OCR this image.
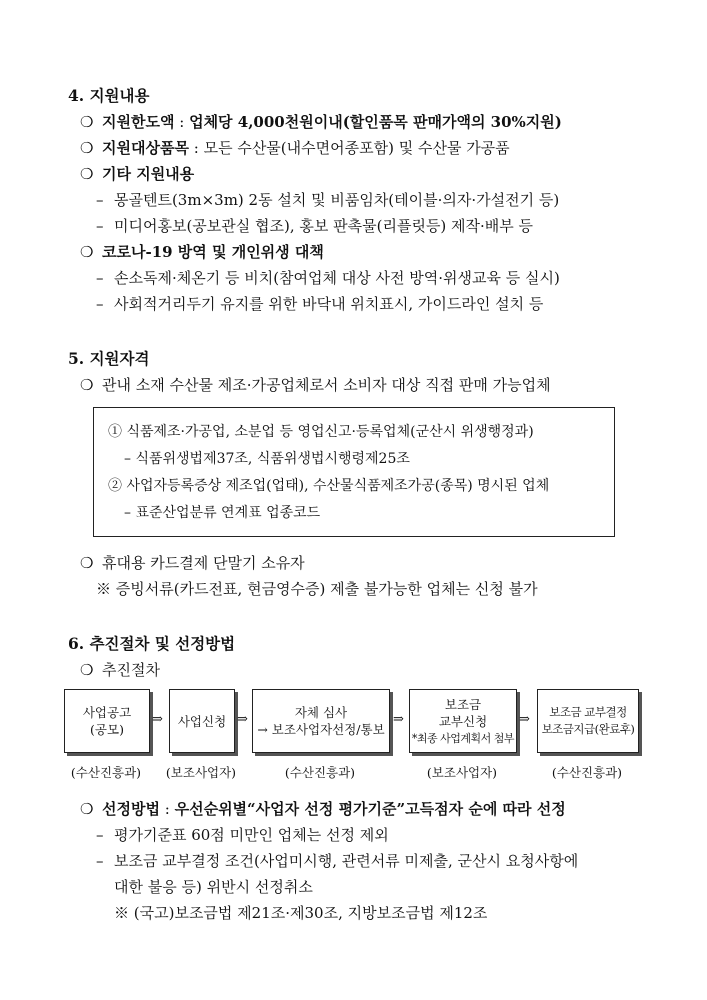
4. 지원내용
❍ 지원한도액 : 업체당 4,000천원이내(할인품목 판매가액의 30%지원)
❍ 지원대상품목 : 모든 수산물(내수면어종포함) 및 수산물 가공품
❍ 기타 지원내용
– 몽골텐트(3m×3m) 2동 설치 및 비품임차(테이블·의자·가설전기 등)
– 미디어홍보(공보관실 협조), 홍보 판촉물(리플릿등) 제작·배부 등
❍ 코로나-19 방역 및 개인위생 대책
– 손소독제·체온기 등 비치(참여업체 대상 사전 방역·위생교육 등 실시)
– 사회적거리두기 유지를 위한 바닥내 위치표시, 가이드라인 설치 등
5. 지원자격
❍ 관내 소재 수산물 제조·가공업체로서 소비자 대상 직접 판매 가능업체
① 식품제조·가공업, 소분업 등 영업신고·등록업체(군산시 위생행정과)
– 식품위생법제37조, 식품위생법시행령제25조
② 사업자등록증상 제조업(업태), 수산물식품제조가공(종목) 명시된 업체
– 표준산업분류 연계표 업종코드
❍ 휴대용 카드결제 단말기 소유자
※ 증빙서류(카드전표, 현금영수증) 제출 불가능한 업체는 신청 불가
6. 추진절차 및 선정방법
❍ 추진절차
사업공고
(공모)
⇒ 사업신청 ⇒	자체 심사
→ 보조사업자선정/통보
⇒
보조금
교부신청
*최종 사업계획서 첨부
⇒ 보조금 교부결정
보조금지급(완료후)
(수산진흥과)	(보조사업자)	(수산진흥과)	(보조사업자)	(수산진흥과)
❍ 선정방법 : 우선순위별“사업자 선정 평가기준”고득점자 순에 따라 선정
– 평가기준표 60점 미만인 업체는 선정 제외
– 보조금 교부결정 조건(사업미시행, 관련서류 미제출, 군산시 요청사항에
대한 불응 등) 위반시 선정취소
※ (국고)보조금법 제21조·제30조, 지방보조금법 제12조
